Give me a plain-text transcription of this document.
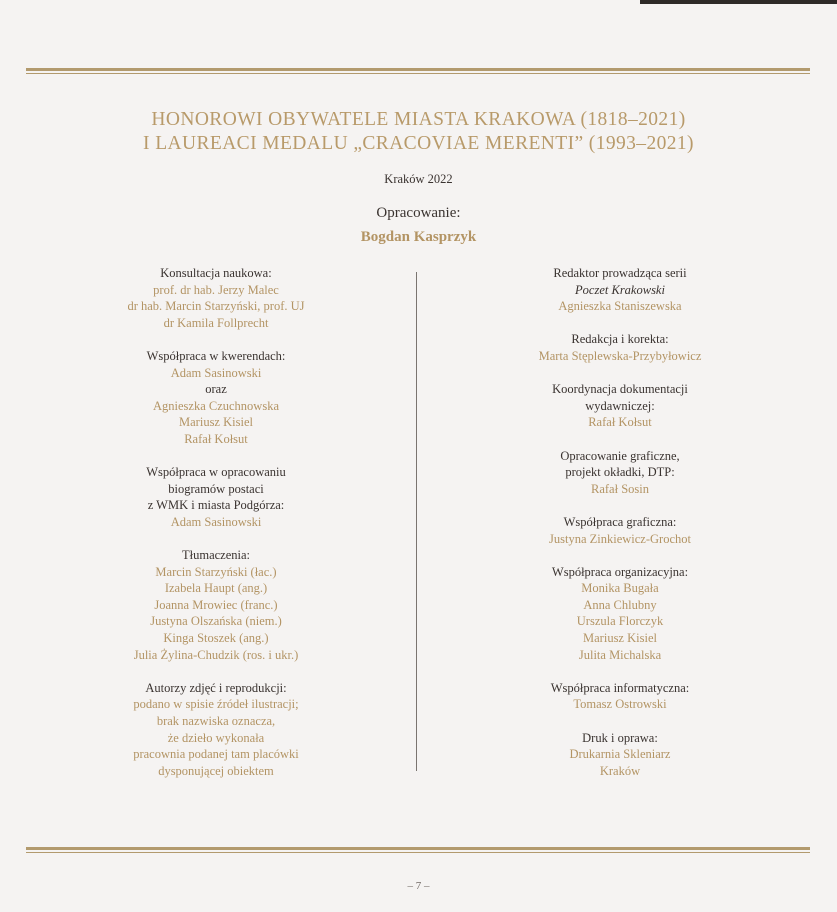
HONOROWI OBYWATELE MIASTA KRAKOWA (1818–2021)
I LAUREACI MEDALU „CRACOVIAE MERENTI” (1993–2021)
Kraków 2022
Opracowanie:
Bogdan Kasprzyk
Konsultacja naukowa:
prof. dr hab. Jerzy Malec
dr hab. Marcin Starzyński, prof. UJ
dr Kamila Follprecht
Współpraca w kwerendach:
Adam Sasinowski
oraz
Agnieszka Czuchnowska
Mariusz Kisiel
Rafał Kołsut
Współpraca w opracowaniu
biogramów postaci
z WMK i miasta Podgórza:
Adam Sasinowski
Tłumaczenia:
Marcin Starzyński (łac.)
Izabela Haupt (ang.)
Joanna Mrowiec (franc.)
Justyna Olszańska (niem.)
Kinga Stoszek (ang.)
Julia Żylina-Chudzik (ros. i ukr.)
Autorzy zdjęć i reprodukcji:
podano w spisie źródeł ilustracji;
brak nazwiska oznacza,
że dzieło wykonała
pracownia podanej tam placówki
dysponującej obiektem
Redaktor prowadząca serii
Poczet Krakowski
Agnieszka Staniszewska
Redakcja i korekta:
Marta Stęplewska-Przybyłowicz
Koordynacja dokumentacji
wydawniczej:
Rafał Kołsut
Opracowanie graficzne,
projekt okładki, DTP:
Rafał Sosin
Współpraca graficzna:
Justyna Zinkiewicz-Grochot
Współpraca organizacyjna:
Monika Bugała
Anna Chlubny
Urszula Florczyk
Mariusz Kisiel
Julita Michalska
Współpraca informatyczna:
Tomasz Ostrowski
Druk i oprawa:
Drukarnia Skleniarz
Kraków
– 7 –
